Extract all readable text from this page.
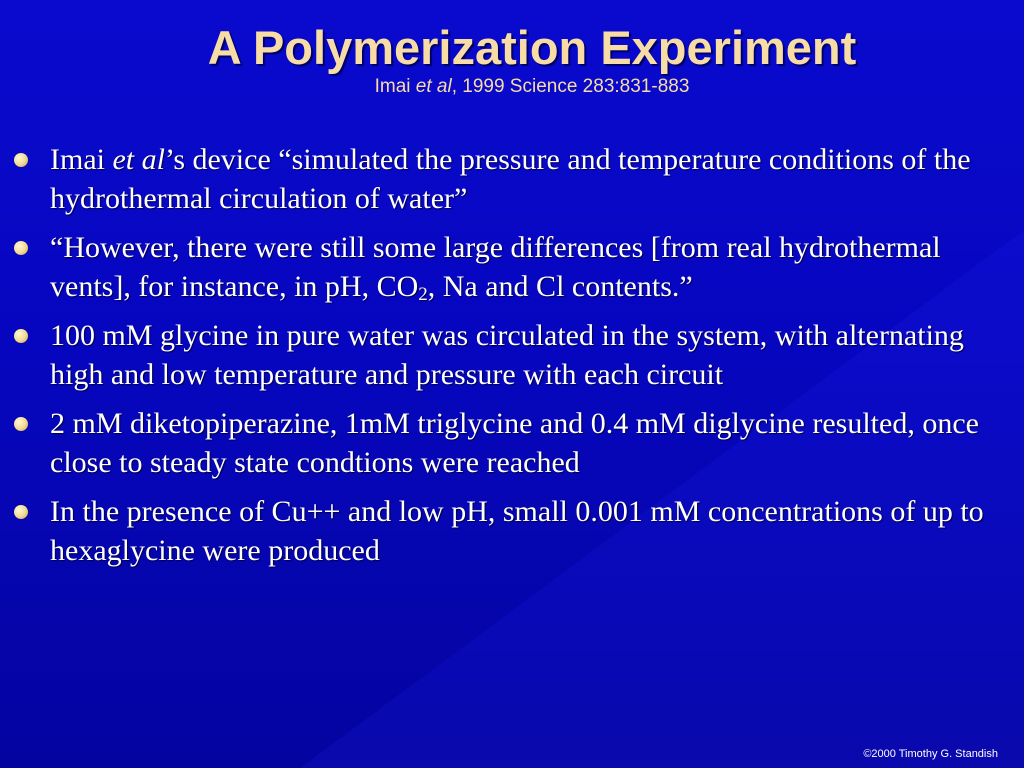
A Polymerization Experiment
Imai et al, 1999 Science 283:831-883
Imai et al’s device “simulated the pressure and temperature conditions of the hydrothermal circulation of water”
“However, there were still some large differences [from real hydrothermal vents], for instance, in pH, $CO_2$, Na and Cl contents.”
100 mM glycine in pure water was circulated in the system, with alternating high and low temperature and pressure with each circuit
2 mM diketopiperazine, 1mM triglycine and 0.4 mM diglycine resulted, once close to steady state condtions were reached
In the presence of Cu++ and low pH, small 0.001 mM concentrations of up to hexaglycine were produced
©2000 Timothy G. Standish
